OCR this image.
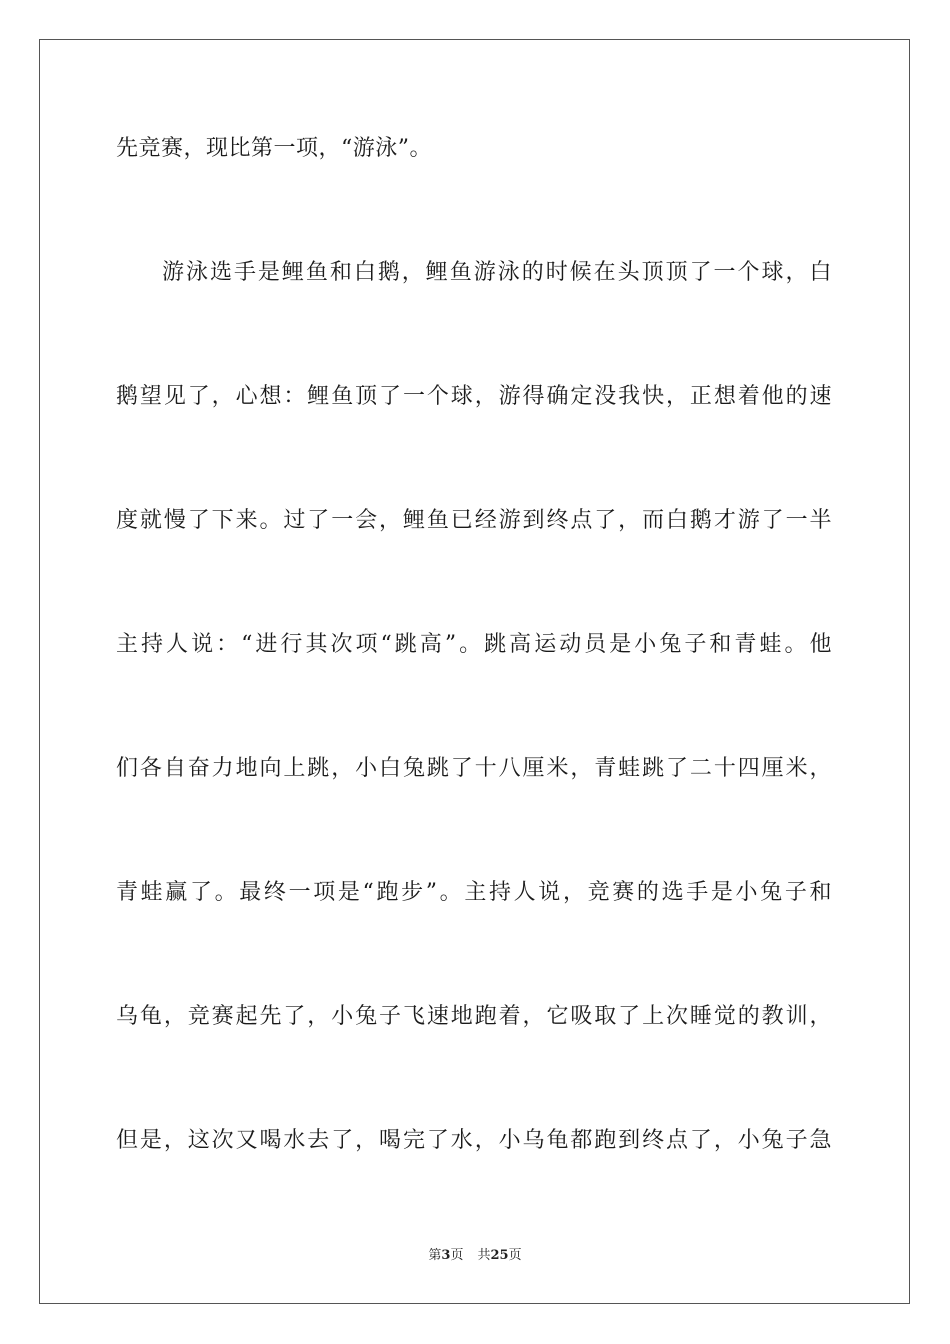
先竞赛，现比第一项，“游泳”。
游泳选手是鲤鱼和白鹅，鲤鱼游泳的时候在头顶顶了一个球，白
鹅望见了，心想：鲤鱼顶了一个球，游得确定没我快，正想着他的速
度就慢了下来。过了一会，鲤鱼已经游到终点了，而白鹅才游了一半
主持人说：“进行其次项“跳高”。跳高运动员是小兔子和青蛙。他
们各自奋力地向上跳，小白兔跳了十八厘米，青蛙跳了二十四厘米，
青蛙赢了。最终一项是“跑步”。主持人说，竞赛的选手是小兔子和
乌龟，竞赛起先了，小兔子飞速地跑着，它吸取了上次睡觉的教训，
但是，这次又喝水去了，喝完了水，小乌龟都跑到终点了，小兔子急
第3页 共25页
